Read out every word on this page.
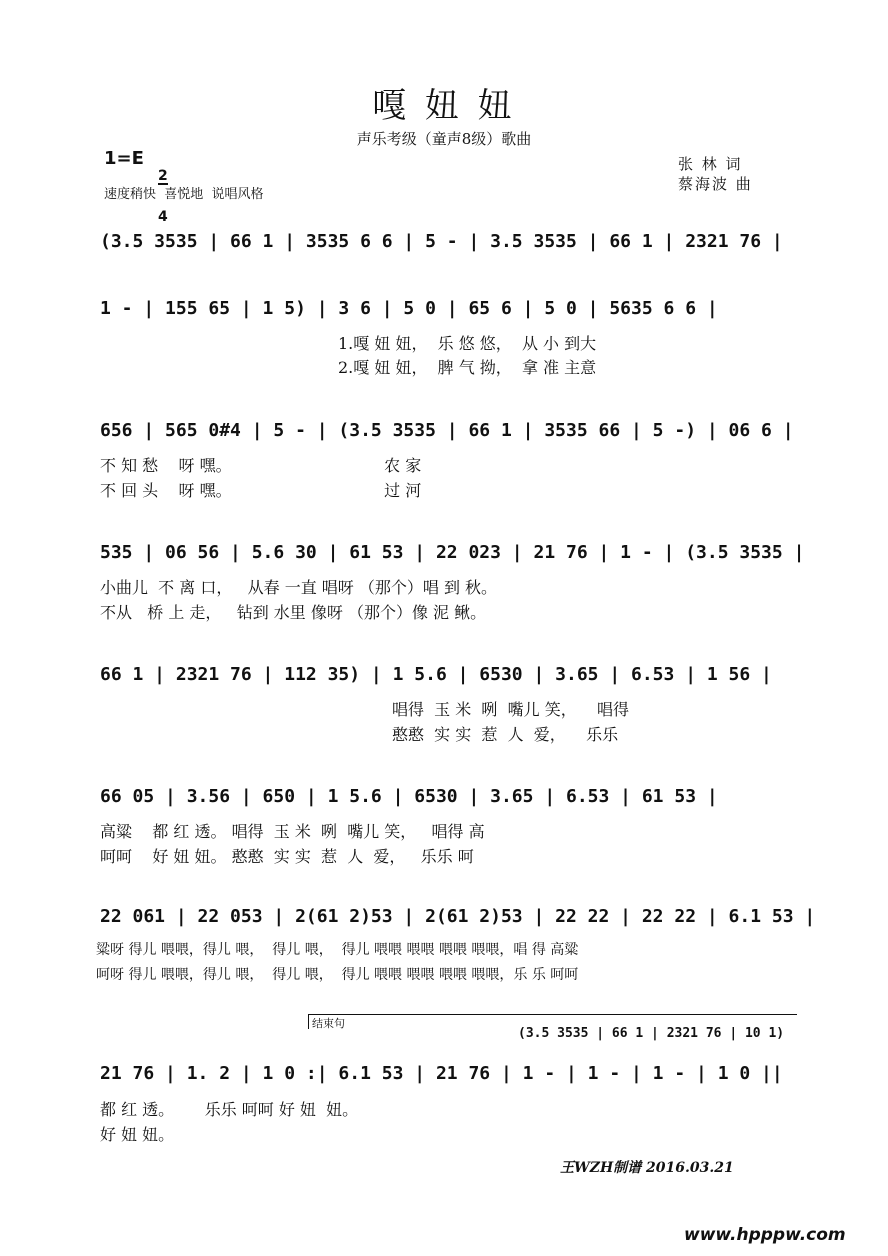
嘎 妞 妞
声乐考级（童声8级）歌曲
1=E

2

4

速度稍快  喜悦地  说唱风格
张 林 词
蔡海波 曲
(3.5 3535 | 66 1 | 3535 6 6 | 5 - | 3.5 3535 | 66 1 | 2321 76 |
1 - | 155 65 | 1 5) | 3 6 | 5 0 | 65 6 | 5 0 | 5635 6 6 |
1.嘎 妞 妞，  乐 悠 悠，  从 小 到大
2.嘎 妞 妞，  脾 气 拗，  拿 准 主意
656 | 565 0#4 | 5 - | (3.5 3535 | 66 1 | 3535 66 | 5 -) | 06 6 |
不 知 愁    呀 嘿。                              农 家
不 回 头    呀 嘿。                              过 河
535 | 06 56 | 5.6 30 | 61 53 | 22 023 | 21 76 | 1 - | (3.5 3535 |
小曲儿  不 离 口，   从春 一直 唱呀 （那个）唱 到 秋。
不从   桥 上 走，   钻到 水里 像呀 （那个）像 泥 鳅。
66 1 | 2321 76 | 112 35) | 1 5.6 | 6530 | 3.65 | 6.53 | 1 56 |
唱得  玉 米  咧  嘴儿 笑，    唱得
憨憨  实 实  惹  人  爱，    乐乐
66 05 | 3.56 | 650 | 1 5.6 | 6530 | 3.65 | 6.53 | 61 53 |
高粱    都 红 透。 唱得  玉 米  咧  嘴儿 笑，   唱得 高
呵呵    好 妞 妞。 憨憨  实 实  惹  人  爱，   乐乐 呵
22 061 | 22 053 | 2(61 2)53 | 2(61 2)53 | 22 22 | 22 22 | 6.1 53 |
粱呀 得儿 喂喂，得儿 喂，  得儿 喂，  得儿 喂喂 喂喂 喂喂 喂喂，唱 得 高粱
呵呀 得儿 喂喂，得儿 喂，  得儿 喂，  得儿 喂喂 喂喂 喂喂 喂喂，乐 乐 呵呵
结束句
(3.5 3535 | 66 1 | 2321 76 | 10 1)
21 76 | 1. 2 | 1 0 :| 6.1 53 | 21 76 | 1 - | 1 - | 1 - | 1 0 ||
都 红 透。      乐乐 呵呵 好 妞  妞。
好 妞 妞。
王WZH制谱 2016.03.21
www.hpppw.com
